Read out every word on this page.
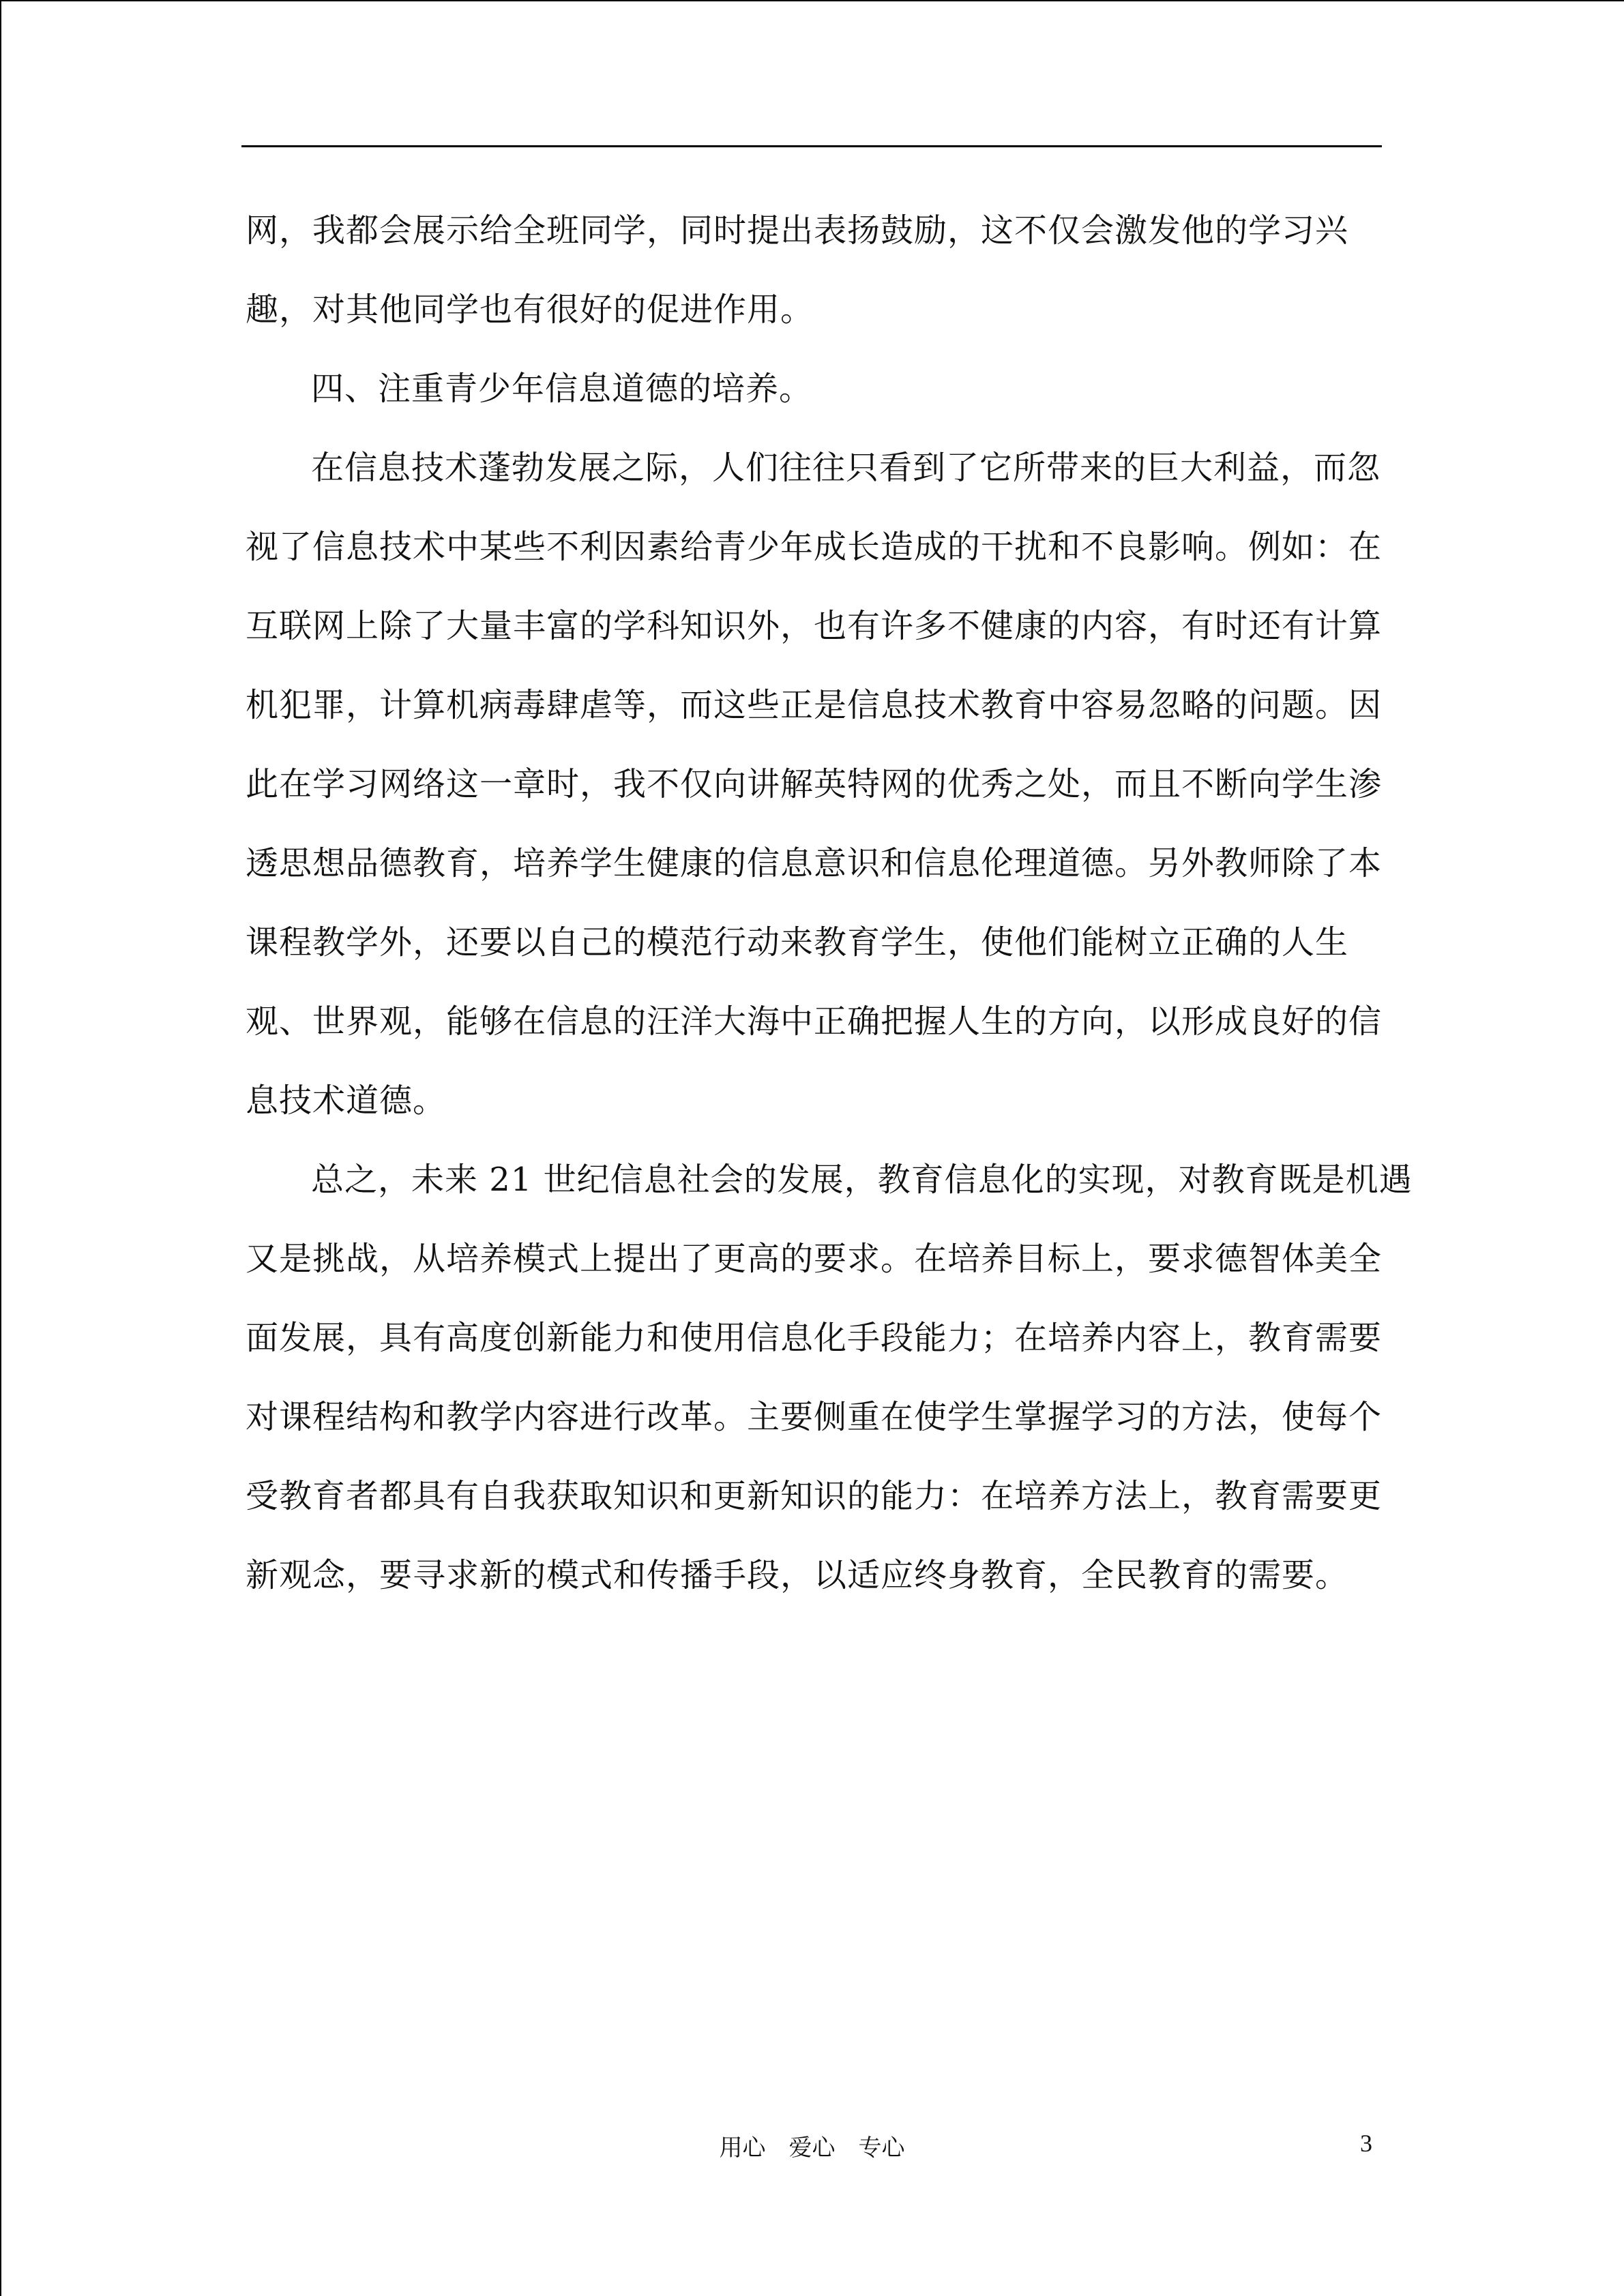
网，我都会展示给全班同学，同时提出表扬鼓励，这不仅会激发他的学习兴
趣，对其他同学也有很好的促进作用。
四、注重青少年信息道德的培养。
在信息技术蓬勃发展之际，人们往往只看到了它所带来的巨大利益，而忽
视了信息技术中某些不利因素给青少年成长造成的干扰和不良影响。例如：在
互联网上除了大量丰富的学科知识外，也有许多不健康的内容，有时还有计算
机犯罪，计算机病毒肆虐等，而这些正是信息技术教育中容易忽略的问题。因
此在学习网络这一章时，我不仅向讲解英特网的优秀之处，而且不断向学生渗
透思想品德教育，培养学生健康的信息意识和信息伦理道德。另外教师除了本
课程教学外，还要以自己的模范行动来教育学生，使他们能树立正确的人生
观、世界观，能够在信息的汪洋大海中正确把握人生的方向，以形成良好的信
息技术道德。
总之，未来 21 世纪信息社会的发展，教育信息化的实现，对教育既是机遇
又是挑战，从培养模式上提出了更高的要求。在培养目标上，要求德智体美全
面发展，具有高度创新能力和使用信息化手段能力；在培养内容上，教育需要
对课程结构和教学内容进行改革。主要侧重在使学生掌握学习的方法，使每个
受教育者都具有自我获取知识和更新知识的能力：在培养方法上，教育需要更
新观念，要寻求新的模式和传播手段，以适应终身教育，全民教育的需要。
用心　爱心　专心	3
